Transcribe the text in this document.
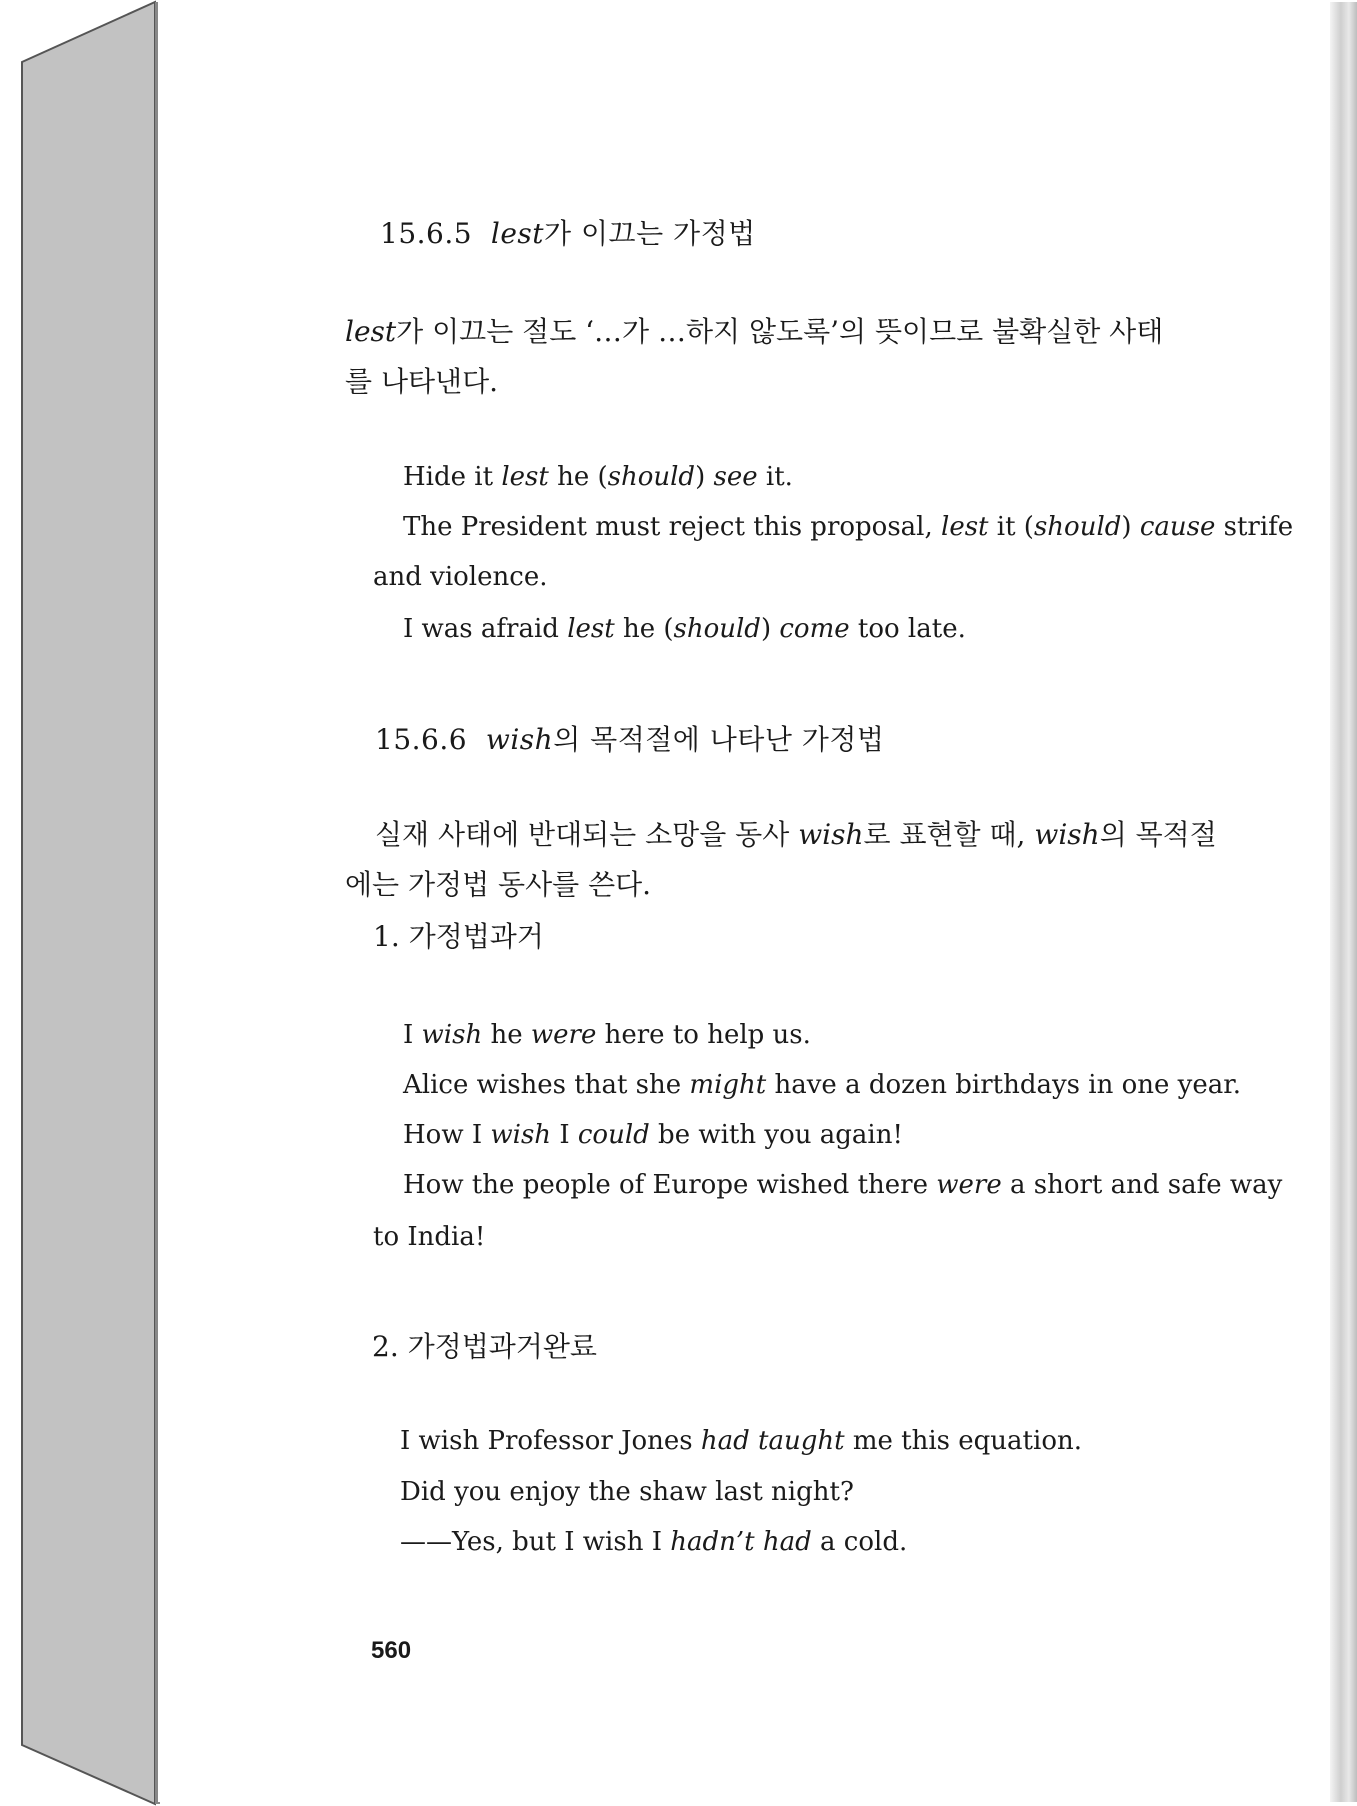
15.6.5 lest가 이끄는 가정법
lest가 이끄는 절도 ‘…가 …하지 않도록’의 뜻이므로 불확실한 사태
를 나타낸다.
Hide it lest he (should) see it.
The President must reject this proposal, lest it (should) cause strife
and violence.
I was afraid lest he (should) come too late.
15.6.6 wish의 목적절에 나타난 가정법
실재 사태에 반대되는 소망을 동사 wish로 표현할 때, wish의 목적절
에는 가정법 동사를 쓴다.
1. 가정법과거
I wish he were here to help us.
Alice wishes that she might have a dozen birthdays in one year.
How I wish I could be with you again!
How the people of Europe wished there were a short and safe way
to India!
2. 가정법과거완료
I wish Professor Jones had taught me this equation.
Did you enjoy the shaw last night?
——Yes, but I wish I hadn’t had a cold.
560
